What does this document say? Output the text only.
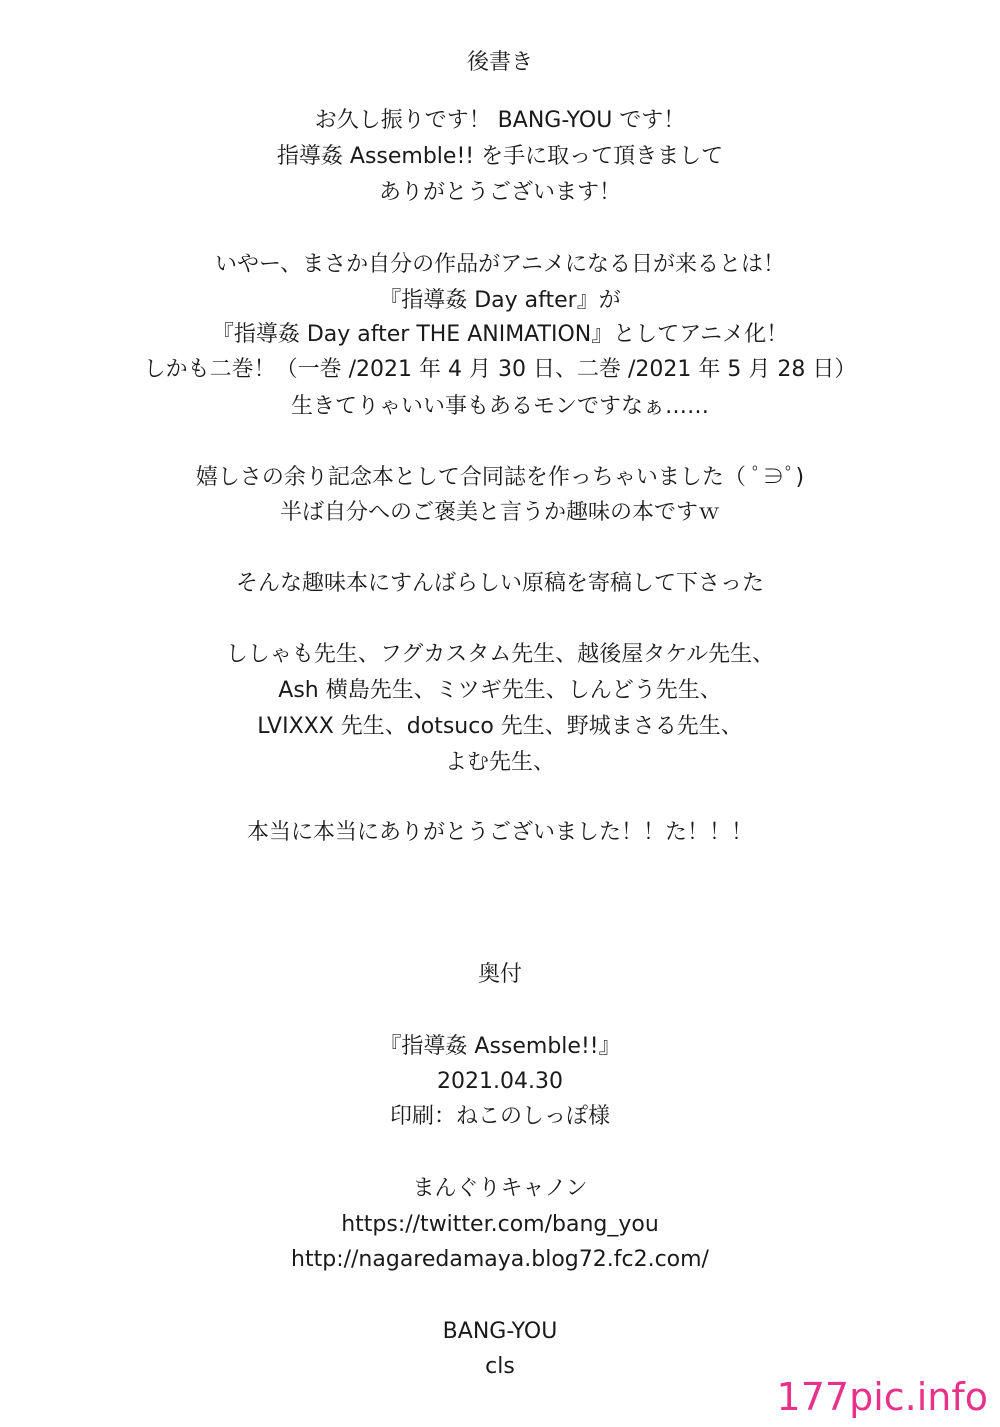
後書き
お久し振りです！ BANG-YOU です！
指導姦 Assemble!! を手に取って頂きまして
ありがとうございます！
いやー、まさか自分の作品がアニメになる日が来るとは！
『指導姦 Day after』が
『指導姦 Day after THE ANIMATION』としてアニメ化！
しかも二巻！（一巻 /2021 年 4 月 30 日、二巻 /2021 年 5 月 28 日）
生きてりゃいい事もあるモンですなぁ……
嬉しさの余り記念本として合同誌を作っちゃいました（ ﾟ∋ﾟ)
半ば自分へのご褒美と言うか趣味の本ですｗ
そんな趣味本にすんばらしい原稿を寄稿して下さった
ししゃも先生、フグカスタム先生、越後屋タケル先生、
Ash 横島先生、ミツギ先生、しんどう先生、
LVIXXX 先生、dotsuco 先生、野城まさる先生、
よむ先生、
本当に本当にありがとうございました！！た！！！
奥付
『指導姦 Assemble!!』
2021.04.30
印刷：ねこのしっぽ様
まんぐりキャノン
https://twitter.com/bang_you
http://nagaredamaya.blog72.fc2.com/
BANG-YOU
cls
177pic.info
